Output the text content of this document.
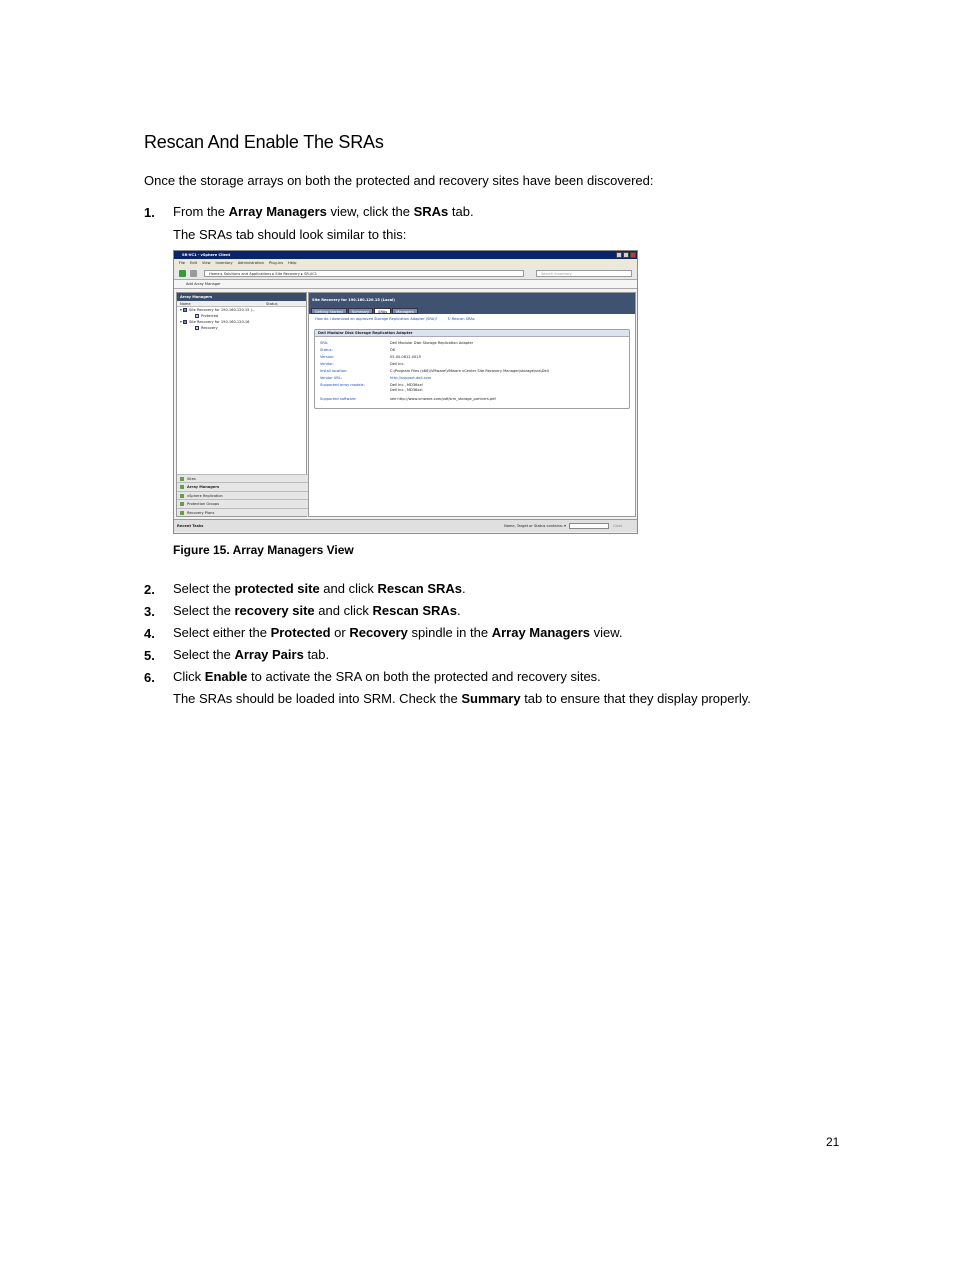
Rescan And Enable The SRAs
Once the storage arrays on both the protected and recovery sites have been discovered:
1. From the Array Managers view, click the SRAs tab.
The SRAs tab should look similar to this:
SR-VC1 - vSphere Client
File Edit View Inventory Administration Plug-ins Help
Home ▸ Solutions and Applications ▸ Site Recovery ▸ SR-VC1	Search Inventory
Add Array Manager
Array Managers
Name	Status
▾ Site Recovery for 190.160.120.15 (...
Protected
▾ Site Recovery for 190.160.120.16
Recovery
Sites
Array Managers
vSphere Replication
Protection Groups
Recovery Plans
Site Recovery for 190.160.120.15 (Local)
Getting Started	Summary	SRAs	Managers
How do I download an approved Storage Replication Adapter (SRA)?	↻ Rescan SRAs
Dell Modular Disk Storage Replication Adapter
SRA:	Dell Modular Disk Storage Replication Adapter
Status:	OK
Version:	05.00.0612.0019
Vendor:	Dell Inc.
Install location:	C:\Program Files (x86)\VMware\VMware vCenter Site Recovery Manager\storage\sra\Dell
Vendor URL:	http://support.dell.com
Supported array models:	Dell Inc., MD36xxf
Dell Inc., MD36xxi
Supported software:	see http://www.vmware.com/pdf/srm_storage_partners.pdf
Recent Tasks	Name, Target or Status contains: ▾	Clear
Figure 15. Array Managers View
2. Select the protected site and click Rescan SRAs.
3. Select the recovery site and click Rescan SRAs.
4. Select either the Protected or Recovery spindle in the Array Managers view.
5. Select the Array Pairs tab.
6. Click Enable to activate the SRA on both the protected and recovery sites.
The SRAs should be loaded into SRM. Check the Summary tab to ensure that they display properly.
21
